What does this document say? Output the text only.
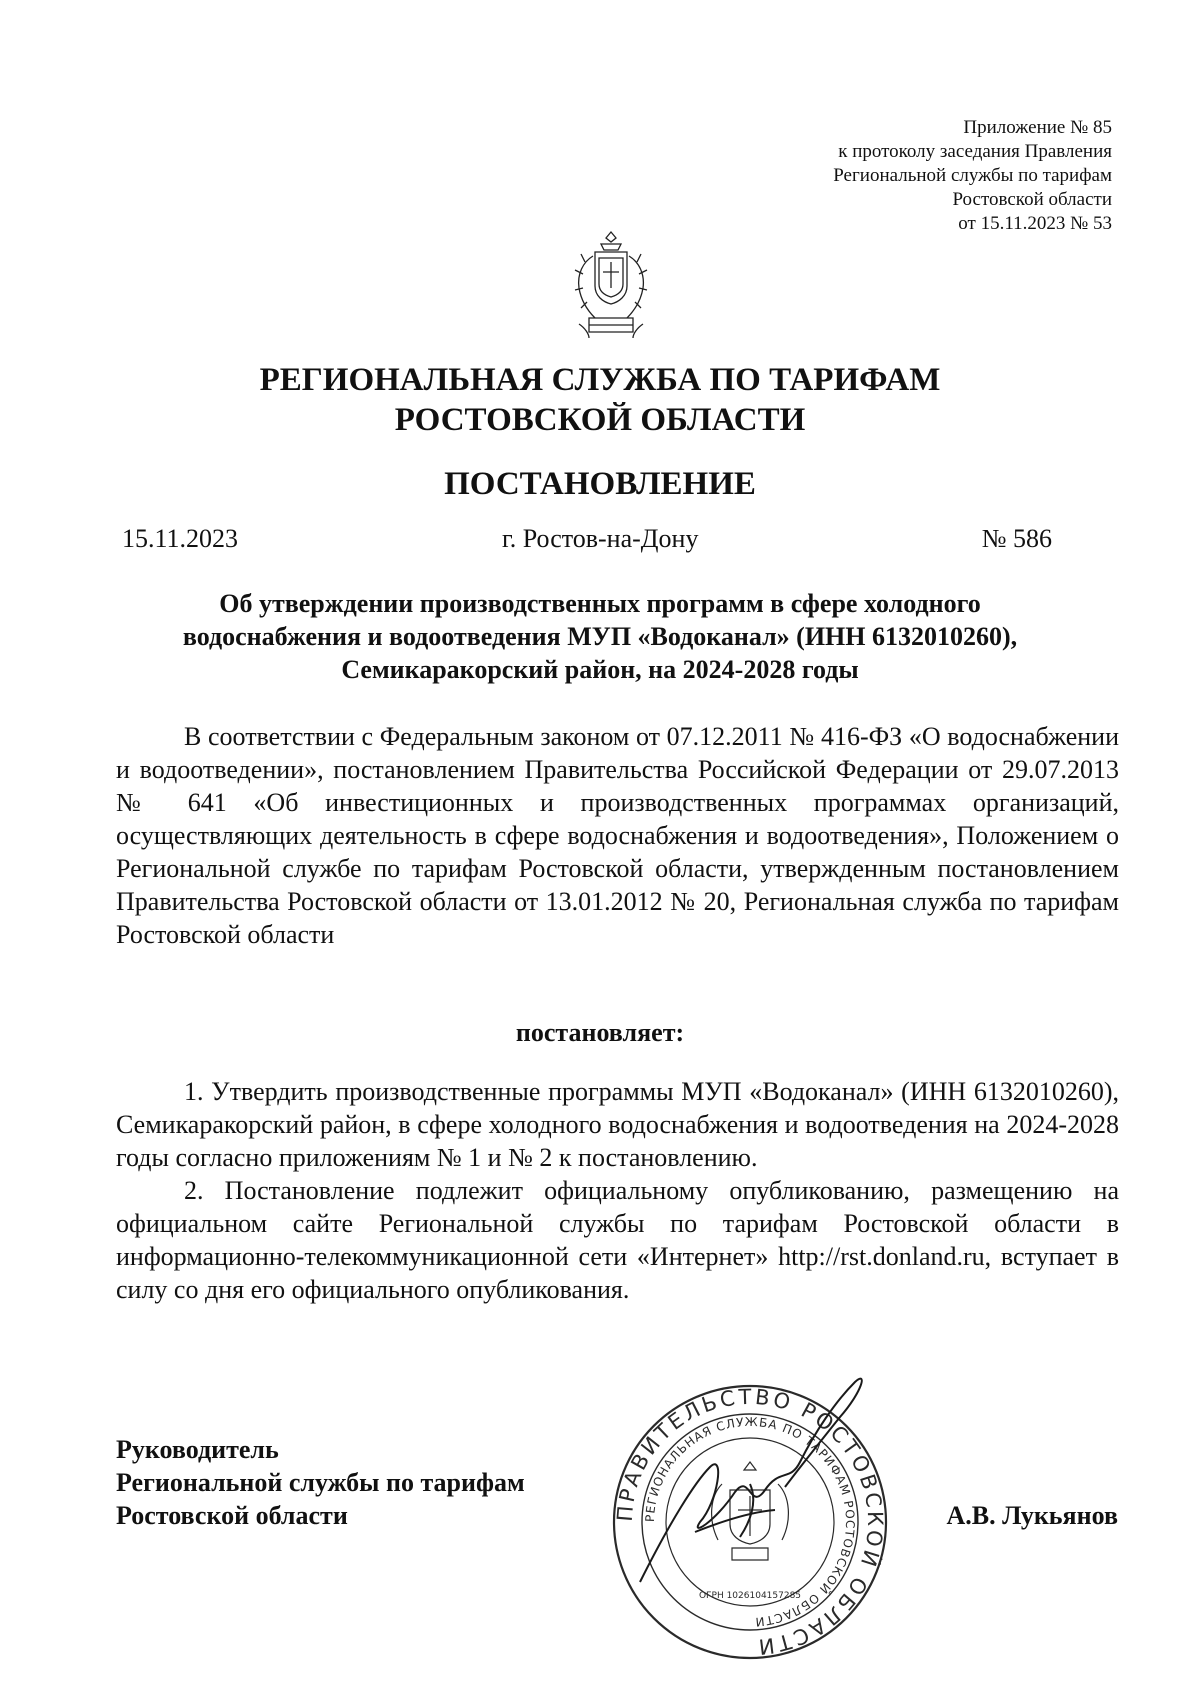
Приложение № 85
к протоколу заседания Правления
Региональной службы по тарифам
Ростовской области
от 15.11.2023 № 53
РЕГИОНАЛЬНАЯ СЛУЖБА ПО ТАРИФАМ
РОСТОВСКОЙ ОБЛАСТИ
ПОСТАНОВЛЕНИЕ
15.11.2023	г. Ростов-на-Дону	№ 586
Об утверждении производственных программ в сфере холодного
водоснабжения и водоотведения МУП «Водоканал» (ИНН 6132010260),
Семикаракорский район, на 2024-2028 годы

В соответствии с Федеральным законом от 07.12.2011 № 416-ФЗ «О водоснабжении и водоотведении», постановлением Правительства Российской Федерации от 29.07.2013 № 641 «Об инвестиционных и производственных программах организаций, осуществляющих деятельность в сфере водоснабжения и водоотведения», Положением о Региональной службе по тарифам Ростовской области, утвержденным постановлением Правительства Ростовской области от 13.01.2012 № 20, Региональная служба по тарифам Ростовской области

постановляет:

1. Утвердить производственные программы МУП «Водоканал» (ИНН 6132010260), Семикаракорский район, в сфере холодного водоснабжения и водоотведения на 2024-2028 годы согласно приложениям № 1 и № 2 к постановлению.

2. Постановление подлежит официальному опубликованию, размещению на официальном сайте Региональной службы по тарифам Ростовской области в информационно-телекоммуникационной сети «Интернет» http://rst.donland.ru, вступает в силу со дня его официального опубликования.

Руководитель
Региональной службы по тарифам
Ростовской области	ПРАВИТЕЛЬСТВО РОСТОВСКОЙ ОБЛАСТИ
РЕГИОНАЛЬНАЯ СЛУЖБА ПО ТАРИФАМ РОСТОВСКОЙ ОБЛАСТИ
ОГРН 1026104157285
А.В. Лукьянов
